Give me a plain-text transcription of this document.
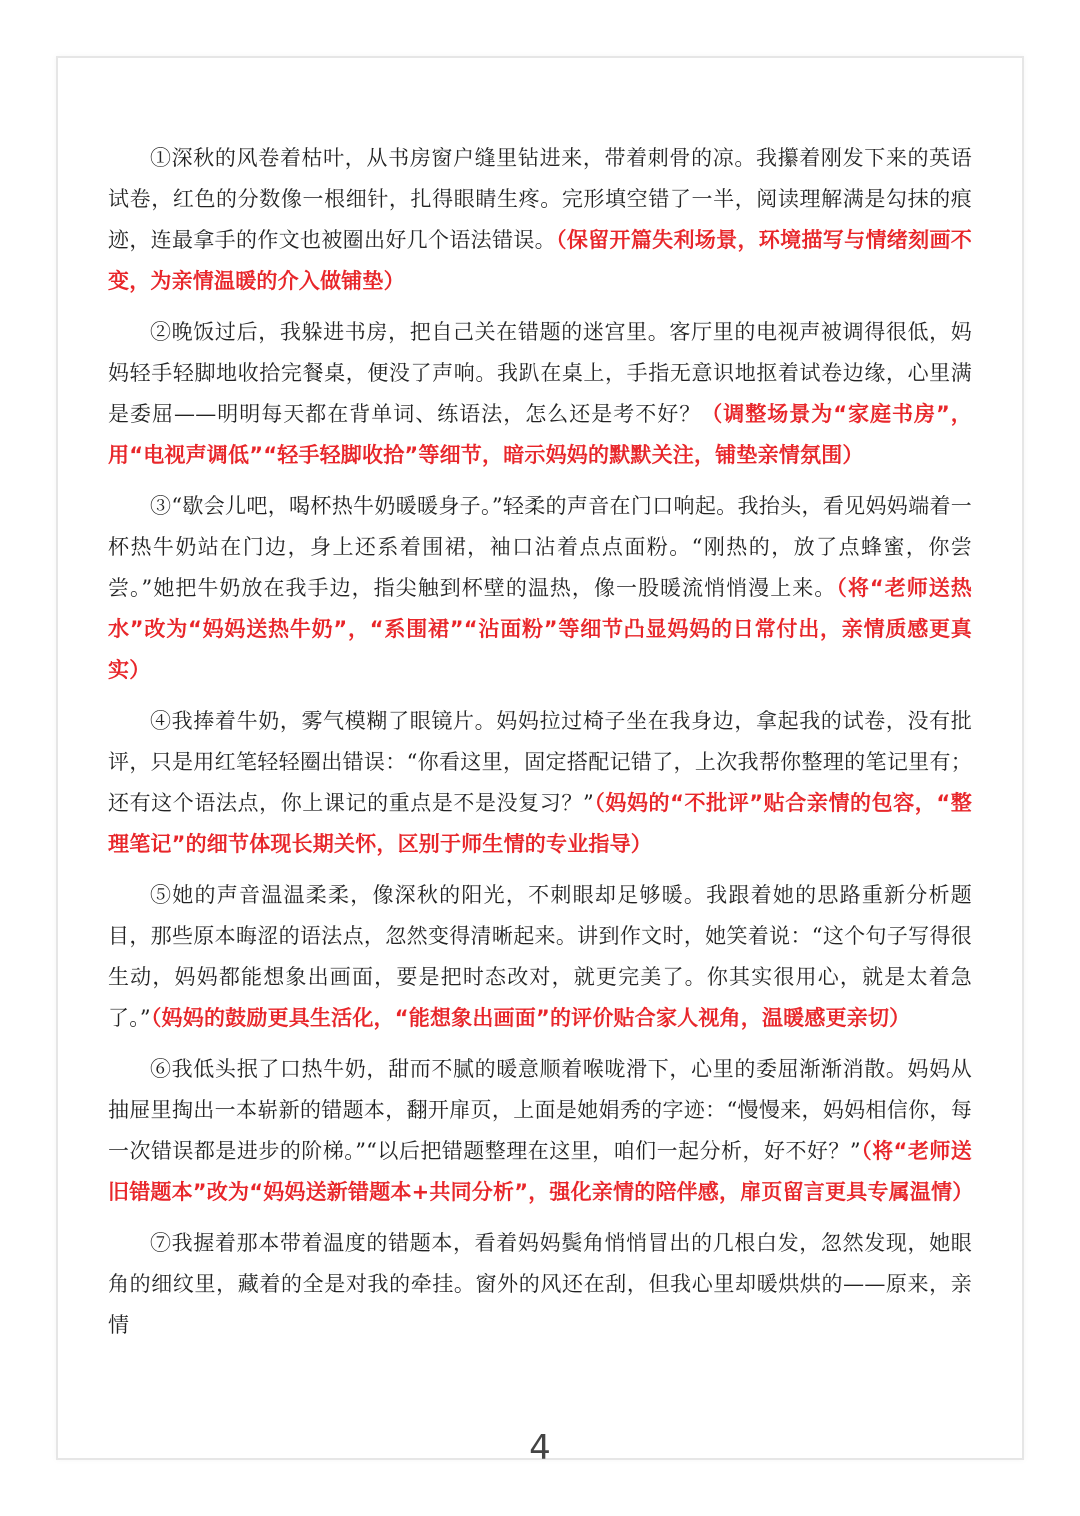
①深秋的风卷着枯叶，从书房窗户缝里钻进来，带着刺骨的凉。我攥着刚发下来的英语试卷，红色的分数像一根细针，扎得眼睛生疼。完形填空错了一半，阅读理解满是勾抹的痕迹，连最拿手的作文也被圈出好几个语法错误。（保留开篇失利场景，环境描写与情绪刻画不变，为亲情温暖的介入做铺垫）

②晚饭过后，我躲进书房，把自己关在错题的迷宫里。客厅里的电视声被调得很低，妈妈轻手轻脚地收拾完餐桌，便没了声响。我趴在桌上，手指无意识地抠着试卷边缘，心里满是委屈——明明每天都在背单词、练语法，怎么还是考不好？（调整场景为“家庭书房”，用“电视声调低”“轻手轻脚收拾”等细节，暗示妈妈的默默关注，铺垫亲情氛围）

③“歇会儿吧，喝杯热牛奶暖暖身子。”轻柔的声音在门口响起。我抬头，看见妈妈端着一杯热牛奶站在门边，身上还系着围裙，袖口沾着点点面粉。“刚热的，放了点蜂蜜，你尝尝。”她把牛奶放在我手边，指尖触到杯壁的温热，像一股暖流悄悄漫上来。（将“老师送热水”改为“妈妈送热牛奶”，“系围裙”“沾面粉”等细节凸显妈妈的日常付出，亲情质感更真实）

④我捧着牛奶，雾气模糊了眼镜片。妈妈拉过椅子坐在我身边，拿起我的试卷，没有批评，只是用红笔轻轻圈出错误：“你看这里，固定搭配记错了，上次我帮你整理的笔记里有；还有这个语法点，你上课记的重点是不是没复习？”（妈妈的“不批评”贴合亲情的包容，“整理笔记”的细节体现长期关怀，区别于师生情的专业指导）

⑤她的声音温温柔柔，像深秋的阳光，不刺眼却足够暖。我跟着她的思路重新分析题目，那些原本晦涩的语法点，忽然变得清晰起来。讲到作文时，她笑着说：“这个句子写得很生动，妈妈都能想象出画面，要是把时态改对，就更完美了。你其实很用心，就是太着急了。”（妈妈的鼓励更具生活化，“能想象出画面”的评价贴合家人视角，温暖感更亲切）

⑥我低头抿了口热牛奶，甜而不腻的暖意顺着喉咙滑下，心里的委屈渐渐消散。妈妈从抽屉里掏出一本崭新的错题本，翻开扉页，上面是她娟秀的字迹：“慢慢来，妈妈相信你，每一次错误都是进步的阶梯。”“以后把错题整理在这里，咱们一起分析，好不好？”（将“老师送旧错题本”改为“妈妈送新错题本+共同分析”，强化亲情的陪伴感，扉页留言更具专属温情）

⑦我握着那本带着温度的错题本，看着妈妈鬓角悄悄冒出的几根白发，忽然发现，她眼角的细纹里，藏着的全是对我的牵挂。窗外的风还在刮，但我心里却暖烘烘的——原来，亲情

4
